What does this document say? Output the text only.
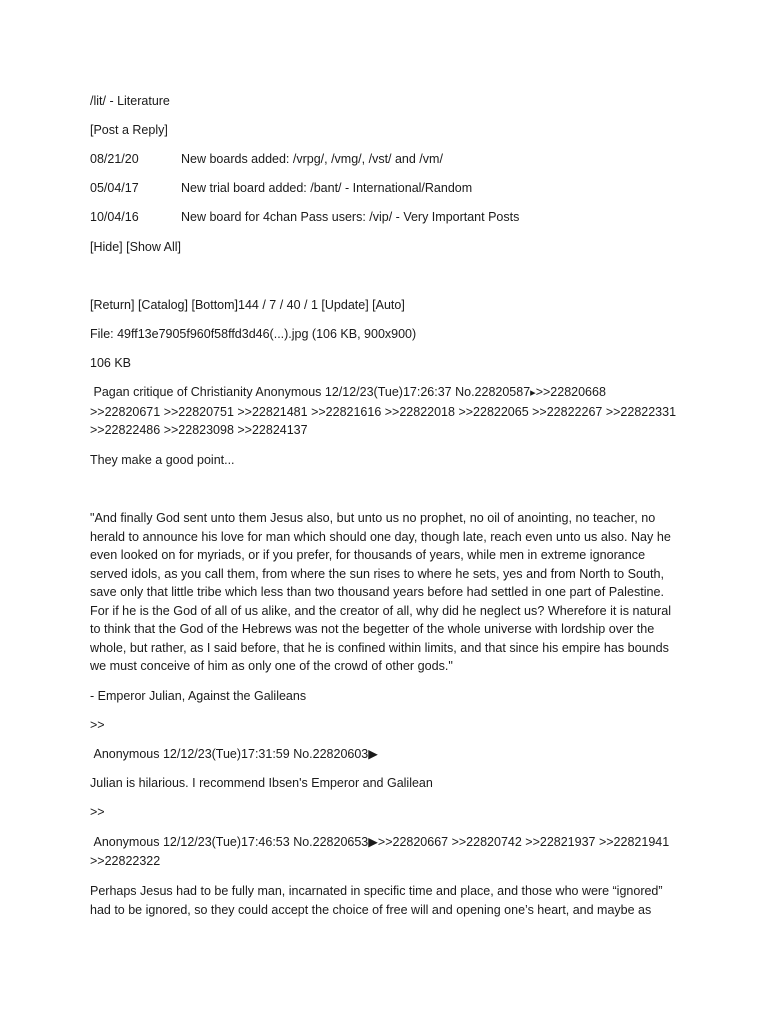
/lit/ - Literature

[Post a Reply]

08/21/20	New boards added: /vrpg/, /vmg/, /vst/ and /vm/
05/04/17	New trial board added: /bant/ - International/Random
10/04/16	New board for 4chan Pass users: /vip/ - Very Important Posts

[Hide] [Show All]

[Return] [Catalog] [Bottom]144 / 7 / 40 / 1 [Update] [Auto]

File: 49ff13e7905f960f58ffd3d46(...).jpg (106 KB, 900x900)

106 KB

Pagan critique of Christianity Anonymous 12/12/23(Tue)17:26:37 No.22820587▸>>22820668

>>22820671 >>22820751 >>22821481 >>22821616 >>22822018 >>22822065 >>22822267 >>22822331

>>22822486 >>22823098 >>22824137

They make a good point...

"And finally God sent unto them Jesus also, but unto us no prophet, no oil of anointing, no teacher, no herald to announce his love for man which should one day, though late, reach even unto us also. Nay he even looked on for myriads, or if you prefer, for thousands of years, while men in extreme ignorance served idols, as you call them, from where the sun rises to where he sets, yes and from North to South, save only that little tribe which less than two thousand years before had settled in one part of Palestine. For if he is the God of all of us alike, and the creator of all, why did he neglect us? Wherefore it is natural to think that the God of the Hebrews was not the begetter of the whole universe with lordship over the whole, but rather, as I said before, that he is confined within limits, and that since his empire has bounds we must conceive of him as only one of the crowd of other gods."

- Emperor Julian, Against the Galileans

>>

Anonymous 12/12/23(Tue)17:31:59 No.22820603▶

Julian is hilarious. I recommend Ibsen's Emperor and Galilean

>>

Anonymous 12/12/23(Tue)17:46:53 No.22820653▶>>22820667 >>22820742 >>22821937 >>22821941

>>22822322

Perhaps Jesus had to be fully man, incarnated in specific time and place, and those who were “ignored” had to be ignored, so they could accept the choice of free will and opening one’s heart, and maybe as
